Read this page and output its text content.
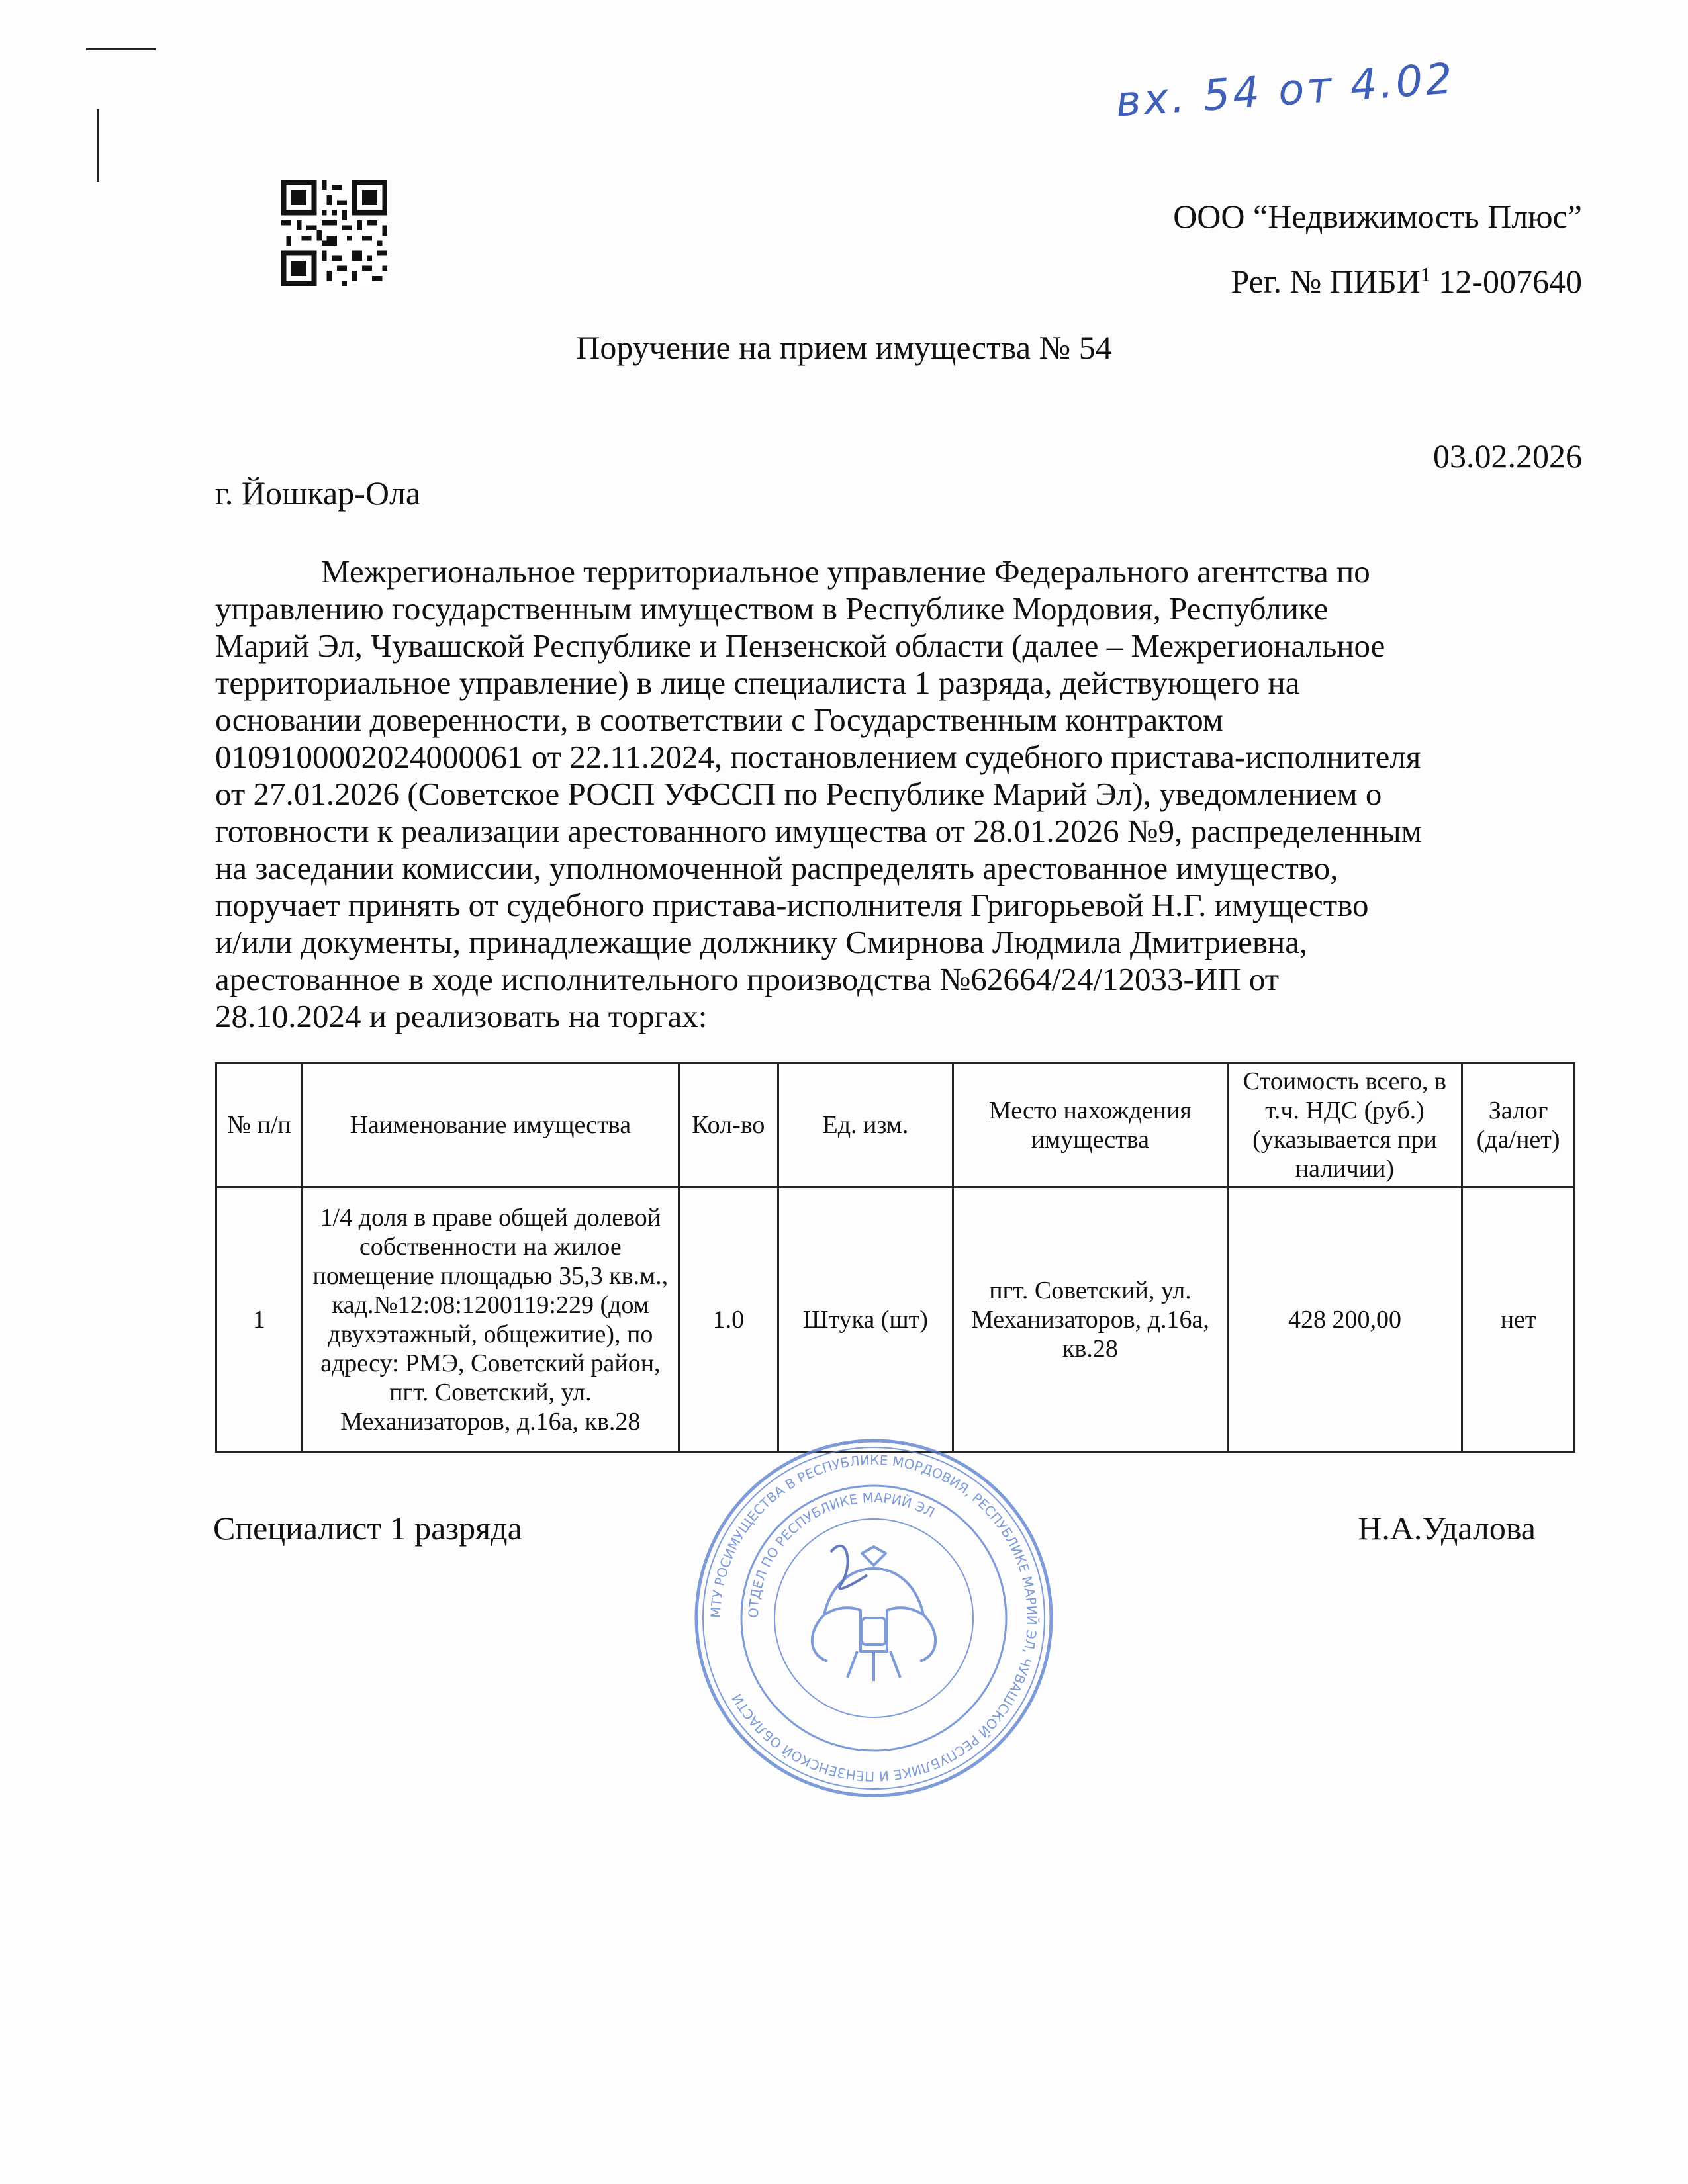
вх. 54 от 4.02
ООО “Недвижимость Плюс”
Рег. № ПИБИ$^1$ 12-007640
Поручение на прием имущества № 54
03.02.2026
г. Йошкар-Ола
Межрегиональное территориальное управление Федерального агентства по
управлению государственным имуществом в Республике Мордовия, Республике
Марий Эл, Чувашской Республике и Пензенской области (далее – Межрегиональное
территориальное управление) в лице специалиста 1 разряда, действующего на
основании доверенности, в соответствии с Государственным контрактом
0109100002024000061 от 22.11.2024, постановлением судебного пристава-исполнителя
от 27.01.2026 (Советское РОСП УФССП по Республике Марий Эл), уведомлением о
готовности к реализации арестованного имущества от 28.01.2026 №9, распределенным
на заседании комиссии, уполномоченной распределять арестованное имущество,
поручает принять от судебного пристава-исполнителя Григорьевой Н.Г. имущество
и/или документы, принадлежащие должнику Смирнова Людмила Дмитриевна,
арестованное в ходе исполнительного производства №62664/24/12033-ИП от
28.10.2024 и реализовать на торгах:
№ п/п	Наименование имущества	Кол-во	Ед. изм.	Место нахождения имущества	Стоимость всего, в т.ч. НДС (руб.) (указывается при наличии)	Залог (да/нет)
1	1/4 доля в праве общей долевой собственности на жилое помещение площадью 35,3 кв.м., кад.№12:08:1200119:229 (дом двухэтажный, общежитие), по адресу: РМЭ, Советский район, пгт. Советский, ул. Механизаторов, д.16а, кв.28	1.0	Штука (шт)	пгт. Советский, ул. Механизаторов, д.16а, кв.28	428 200,00	нет
Специалист 1 разряда	Н.А.Удалова
МТУ РОСИМУЩЕСТВА В РЕСПУБЛИКЕ МОРДОВИЯ, РЕСПУБЛИКЕ МАРИЙ ЭЛ, ЧУВАШСКОЙ РЕСПУБЛИКЕ И ПЕНЗЕНСКОЙ ОБЛАСТИ
ОТДЕЛ ПО РЕСПУБЛИКЕ МАРИЙ ЭЛ
